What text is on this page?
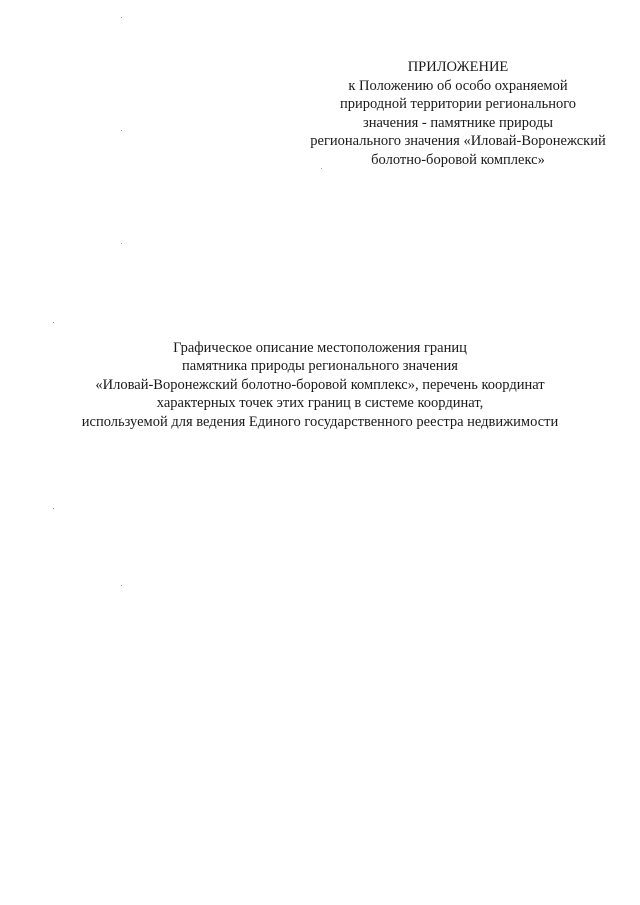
ПРИЛОЖЕНИЕ
к Положению об особо охраняемой
природной территории регионального
значения - памятнике природы
регионального значения «Иловай-Воронежский
болотно-боровой комплекс»
Графическое описание местоположения границ
памятника природы регионального значения
«Иловай-Воронежский болотно-боровой комплекс», перечень координат
характерных точек этих границ в системе координат,
используемой для ведения Единого государственного реестра недвижимости
